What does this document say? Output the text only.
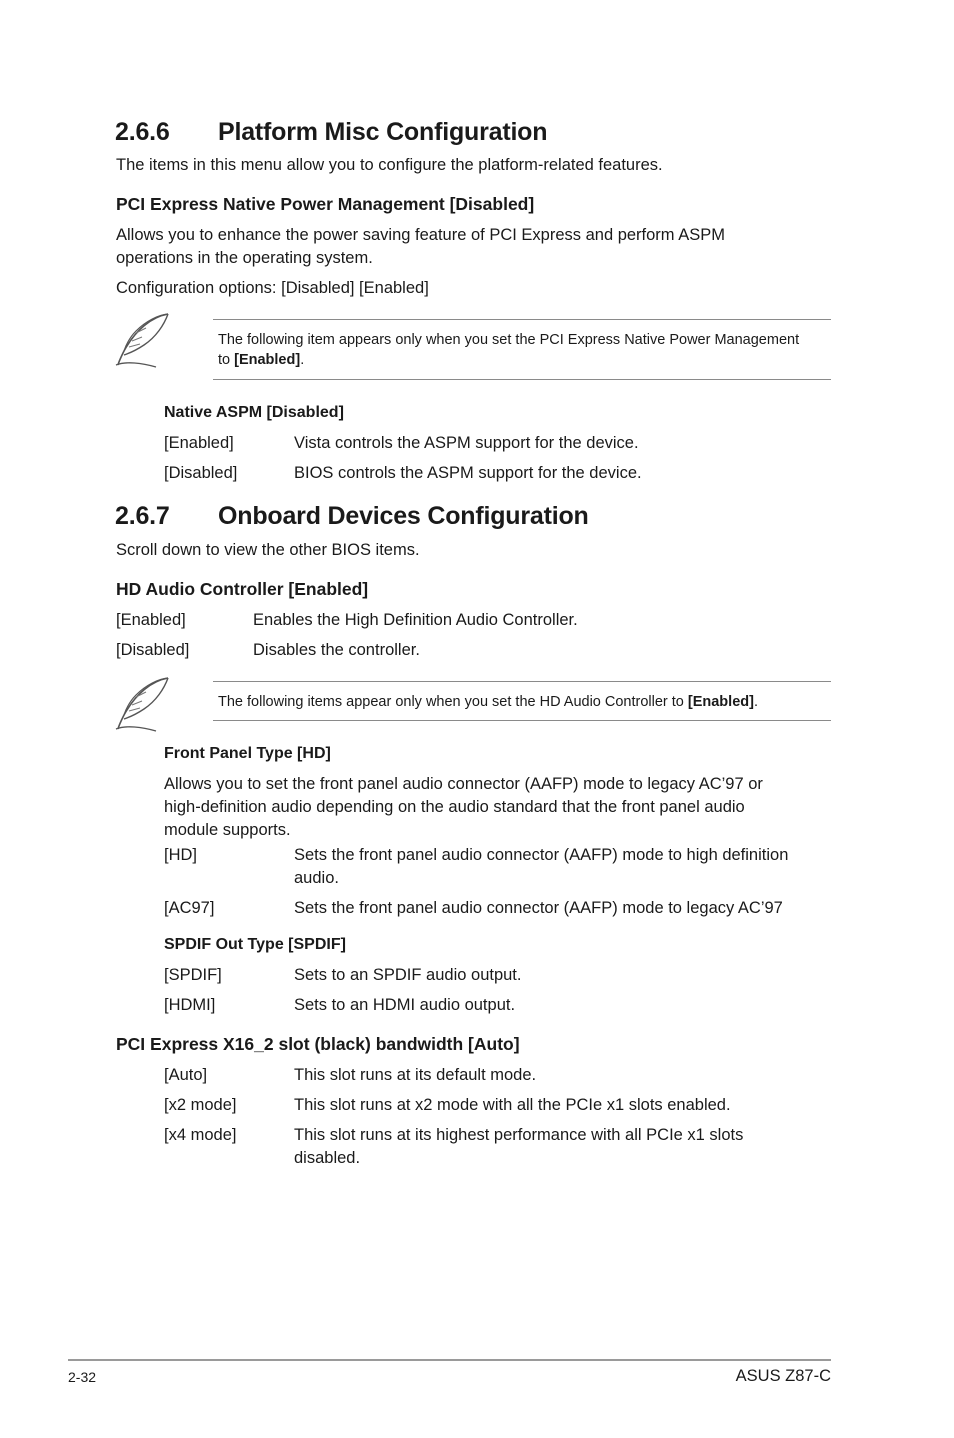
2.6.6 Platform Misc Configuration
The items in this menu allow you to configure the platform-related features.
PCI Express Native Power Management [Disabled]
Allows you to enhance the power saving feature of PCI Express and perform ASPM
operations in the operating system.
Configuration options: [Disabled] [Enabled]
The following item appears only when you set the PCI Express Native Power Management
to [Enabled].
Native ASPM [Disabled]
[Enabled]	Vista controls the ASPM support for the device.
[Disabled]	BIOS controls the ASPM support for the device.
2.6.7 Onboard Devices Configuration
Scroll down to view the other BIOS items.
HD Audio Controller [Enabled]
[Enabled]	Enables the High Definition Audio Controller.
[Disabled]	Disables the controller.
The following items appear only when you set the HD Audio Controller to [Enabled].
Front Panel Type [HD]
Allows you to set the front panel audio connector (AAFP) mode to legacy AC’97 or
high-definition audio depending on the audio standard that the front panel audio
module supports.
[HD]	Sets the front panel audio connector (AAFP) mode to high definition
audio.
[AC97]	Sets the front panel audio connector (AAFP) mode to legacy AC’97
SPDIF Out Type [SPDIF]
[SPDIF]	Sets to an SPDIF audio output.
[HDMI]	Sets to an HDMI audio output.
PCI Express X16_2 slot (black) bandwidth [Auto]
[Auto]	This slot runs at its default mode.
[x2 mode]	This slot runs at x2 mode with all the PCIe x1 slots enabled.
[x4 mode]	This slot runs at its highest performance with all PCIe x1 slots
disabled.
2-32	ASUS Z87-C
